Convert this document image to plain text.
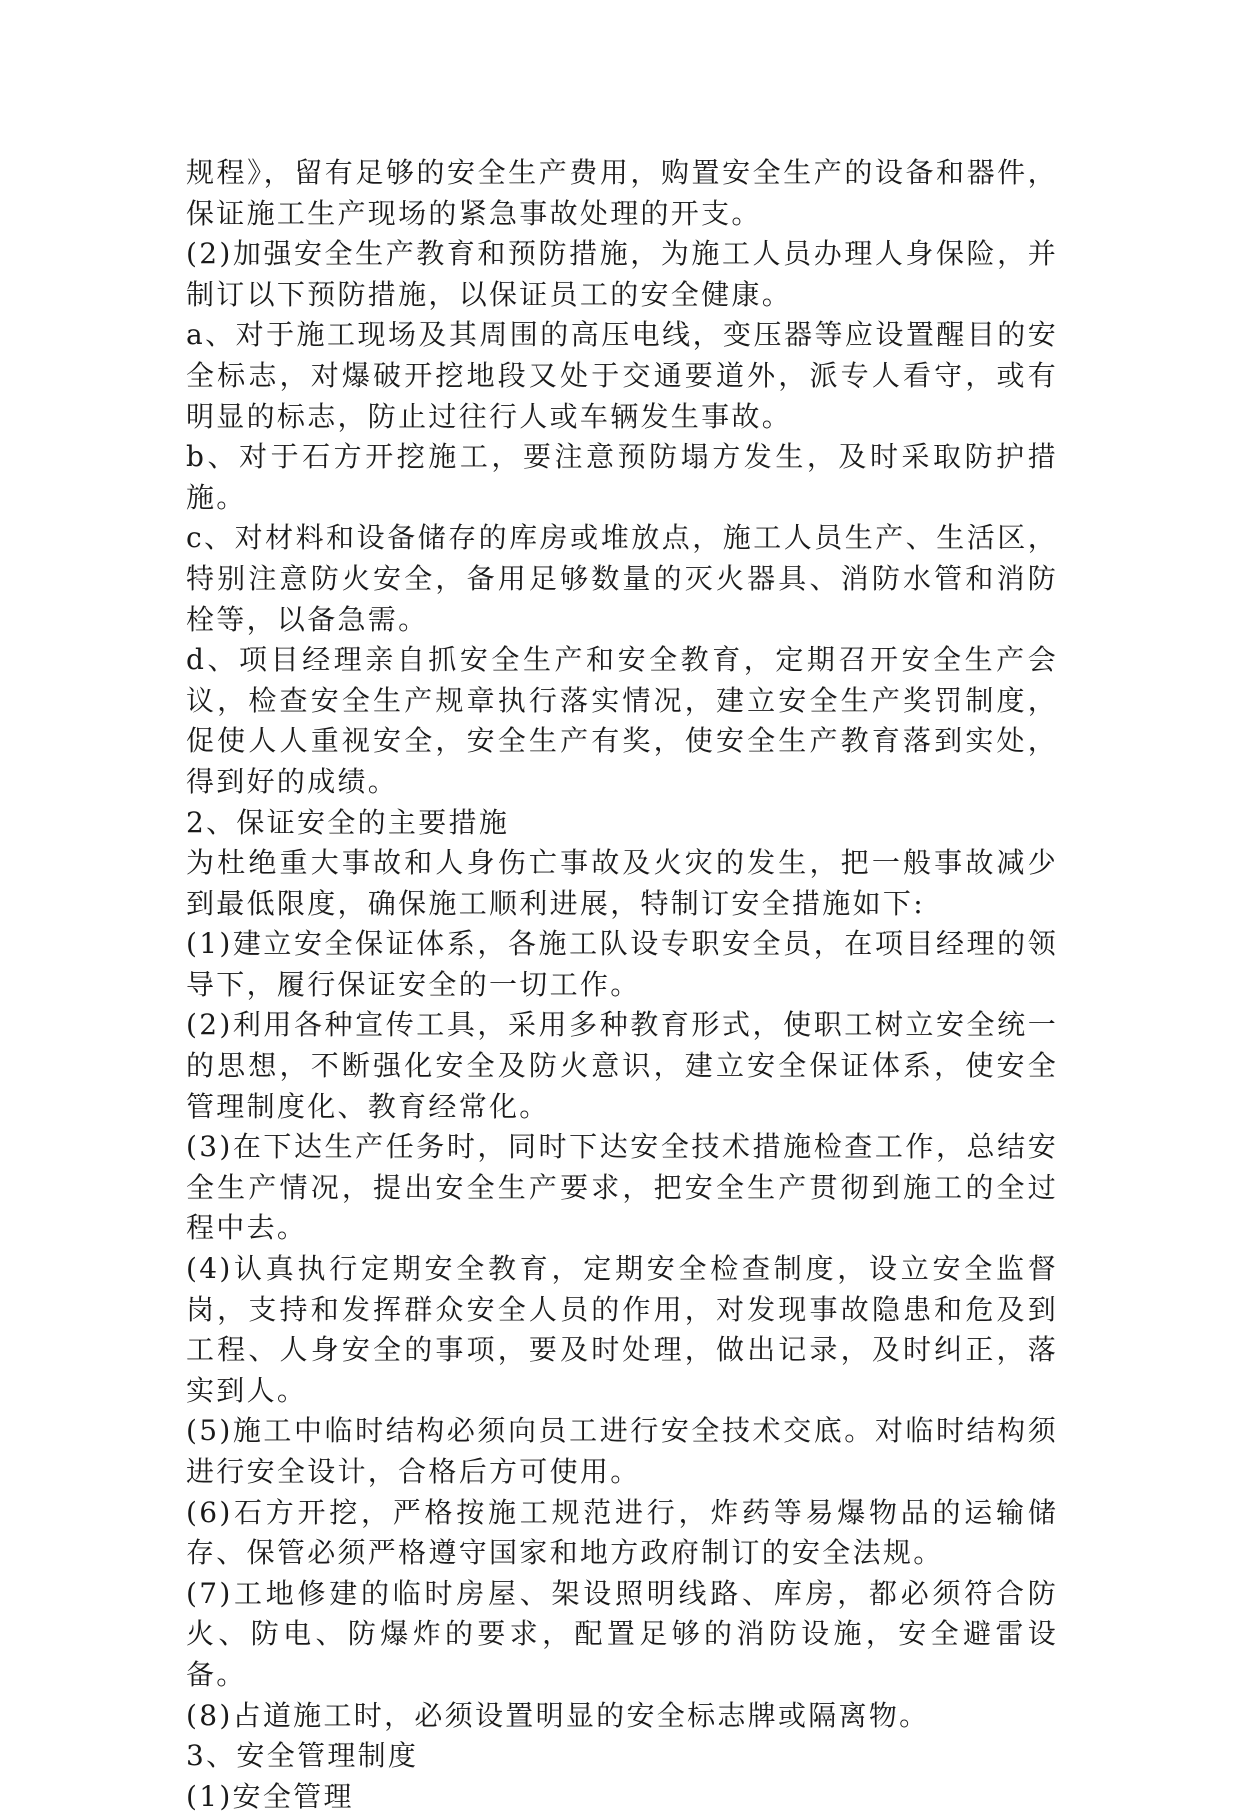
规程》，留有足够的安全生产费用，购置安全生产的设备和器件，保证施工生产现场的紧急事故处理的开支。

(2)加强安全生产教育和预防措施，为施工人员办理人身保险，并制订以下预防措施，以保证员工的安全健康。

a、对于施工现场及其周围的高压电线，变压器等应设置醒目的安全标志，对爆破开挖地段又处于交通要道外，派专人看守，或有明显的标志，防止过往行人或车辆发生事故。

b、对于石方开挖施工，要注意预防塌方发生，及时采取防护措施。

c、对材料和设备储存的库房或堆放点，施工人员生产、生活区，特别注意防火安全，备用足够数量的灭火器具、消防水管和消防栓等，以备急需。

d、项目经理亲自抓安全生产和安全教育，定期召开安全生产会议，检查安全生产规章执行落实情况，建立安全生产奖罚制度，促使人人重视安全，安全生产有奖，使安全生产教育落到实处，得到好的成绩。

2、保证安全的主要措施

为杜绝重大事故和人身伤亡事故及火灾的发生，把一般事故减少到最低限度，确保施工顺利进展，特制订安全措施如下:

(1)建立安全保证体系，各施工队设专职安全员，在项目经理的领导下，履行保证安全的一切工作。

(2)利用各种宣传工具，采用多种教育形式，使职工树立安全统一的思想，不断强化安全及防火意识，建立安全保证体系，使安全管理制度化、教育经常化。

(3)在下达生产任务时，同时下达安全技术措施检查工作，总结安全生产情况，提出安全生产要求，把安全生产贯彻到施工的全过程中去。

(4)认真执行定期安全教育，定期安全检查制度，设立安全监督岗，支持和发挥群众安全人员的作用，对发现事故隐患和危及到工程、人身安全的事项，要及时处理，做出记录，及时纠正，落实到人。

(5)施工中临时结构必须向员工进行安全技术交底。对临时结构须进行安全设计，合格后方可使用。

(6)石方开挖，严格按施工规范进行，炸药等易爆物品的运输储存、保管必须严格遵守国家和地方政府制订的安全法规。

(7)工地修建的临时房屋、架设照明线路、库房，都必须符合防火、防电、防爆炸的要求，配置足够的消防设施，安全避雷设备。

(8)占道施工时，必须设置明显的安全标志牌或隔离物。

3、安全管理制度

(1)安全管理
